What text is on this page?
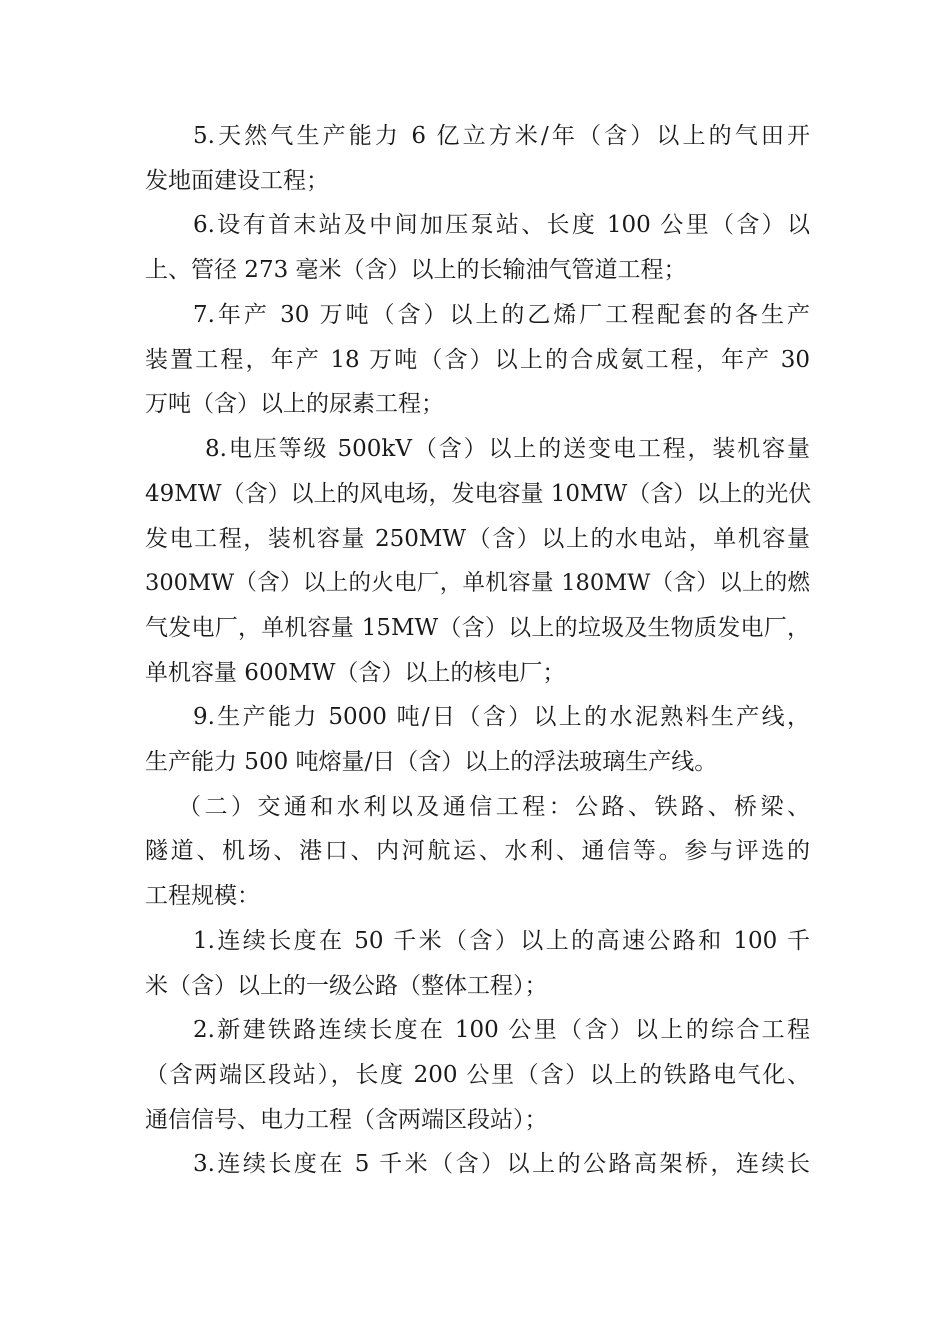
5.天然气生产能力 6 亿立方米/年（含）以上的气田开
发地面建设工程；
6.设有首末站及中间加压泵站、长度 100 公里（含）以
上、管径 273 毫米（含）以上的长输油气管道工程；
7.年产 30 万吨（含）以上的乙烯厂工程配套的各生产
装置工程，年产 18 万吨（含）以上的合成氨工程，年产 30
万吨（含）以上的尿素工程；
8.电压等级 500kV（含）以上的送变电工程，装机容量
49MW（含）以上的风电场，发电容量 10MW（含）以上的光伏
发电工程，装机容量 250MW（含）以上的水电站，单机容量
300MW（含）以上的火电厂，单机容量 180MW（含）以上的燃
气发电厂，单机容量 15MW（含）以上的垃圾及生物质发电厂，
单机容量 600MW（含）以上的核电厂；
9.生产能力 5000 吨/日（含）以上的水泥熟料生产线，
生产能力 500 吨熔量/日（含）以上的浮法玻璃生产线。
（二）交通和水利以及通信工程：公路、铁路、桥梁、
隧道、机场、港口、内河航运、水利、通信等。参与评选的
工程规模：
1.连续长度在 50 千米（含）以上的高速公路和 100 千
米（含）以上的一级公路（整体工程）；
2.新建铁路连续长度在 100 公里（含）以上的综合工程
（含两端区段站），长度 200 公里（含）以上的铁路电气化、
通信信号、电力工程（含两端区段站）；
3.连续长度在 5 千米（含）以上的公路高架桥，连续长
